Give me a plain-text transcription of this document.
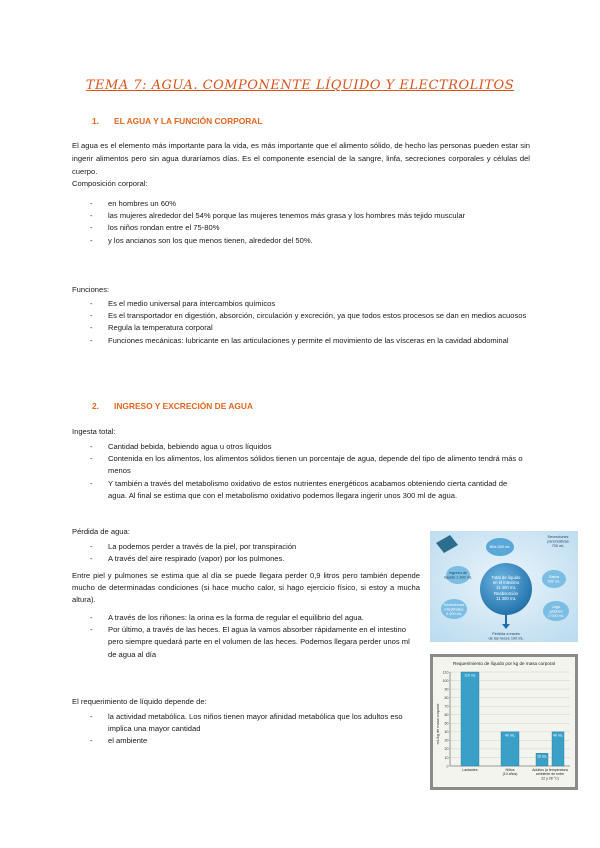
TEMA 7: AGUA. COMPONENTE LÍQUIDO Y ELECTROLITOS
1. EL AGUA Y LA FUNCIÓN CORPORAL
El agua es el elemento más importante para la vida, es más importante que el alimento sólido, de hecho las personas pueden estar sin ingerir alimentos pero sin agua duraríamos días. Es el componente esencial de la sangre, linfa, secreciones corporales y células del cuerpo.
Composición corporal:
- en hombres un 60%
- las mujeres alrededor del 54% porque las mujeres tenemos más grasa y los hombres más tejido muscular
- los niños rondan entre el 75-80%
- y los ancianos son los que menos tienen, alrededor del 50%.
Funciones:
- Es el medio universal para intercambios químicos
- Es el transportador en digestión, absorción, circulación y excreción, ya que todos estos procesos se dan en medios acuosos
- Regula la temperatura corporal
- Funciones mecánicas: lubricante en las articulaciones y permite el movimiento de las vísceras en la cavidad abdominal
2. INGRESO Y EXCRECIÓN DE AGUA
Ingesta total:
- Cantidad bebida, bebiendo agua u otros líquidos
- Contenida en los alimentos, los alimentos sólidos tienen un porcentaje de agua, depende del tipo de alimento tendrá más o menos
- Y también a través del metabolismo oxidativo de estos nutrientes energéticos acabamos obteniendo cierta cantidad de agua. Al final se estima que con el metabolismo oxidativo podemos llegara ingerir unos 300 ml de agua.
Pérdida de agua:
- La podemos perder a través de la piel, por transpiración
- A través del aire respirado (vapor) por los pulmones.
Entre piel y pulmones se estima que al día se puede llegara perder 0,9 litros pero también depende mucho de determinadas condiciones (si hace mucho calor, si hago ejercicio físico, si estoy a mucha altura).
- A través de los riñones: la orina es la forma de regular el equilibrio del agua.
- Por último, a través de las heces. El agua la vamos absorber rápidamente en el intestino pero siempre quedará parte en el volumen de las heces. Podemos llegara perder unos ml de agua al día
El requerimiento de líquido depende de:
- la actividad metabólica. Los niños tienen mayor afinidad metabólica que los adultos eso implica una mayor cantidad
- el ambiente
Total de líquido
en el intestino
11 400 mL
Reabsorción
11 300 mL
Bilis 500 mL
Secreciones
pancreáticas
700 mL
Ingreso de
líquido 1 300 mL	Saliva
500 mL
Secreciones
intestinales
3 000 mL
Jugo
gástrico
2 000 mL
Pérdida a través
de las heces 100 mL
Requerimiento de líquido por kg de masa corporal
mL/kg de masa corporal
0
10
20
30
40
50
60
70
80
90
100
110
110 mL
40 mL
15 mL
40 mL
Lactantes	Niños
(10 años)
Adultos (a temperatura
ambiente de entre
22 y 28 °C)
